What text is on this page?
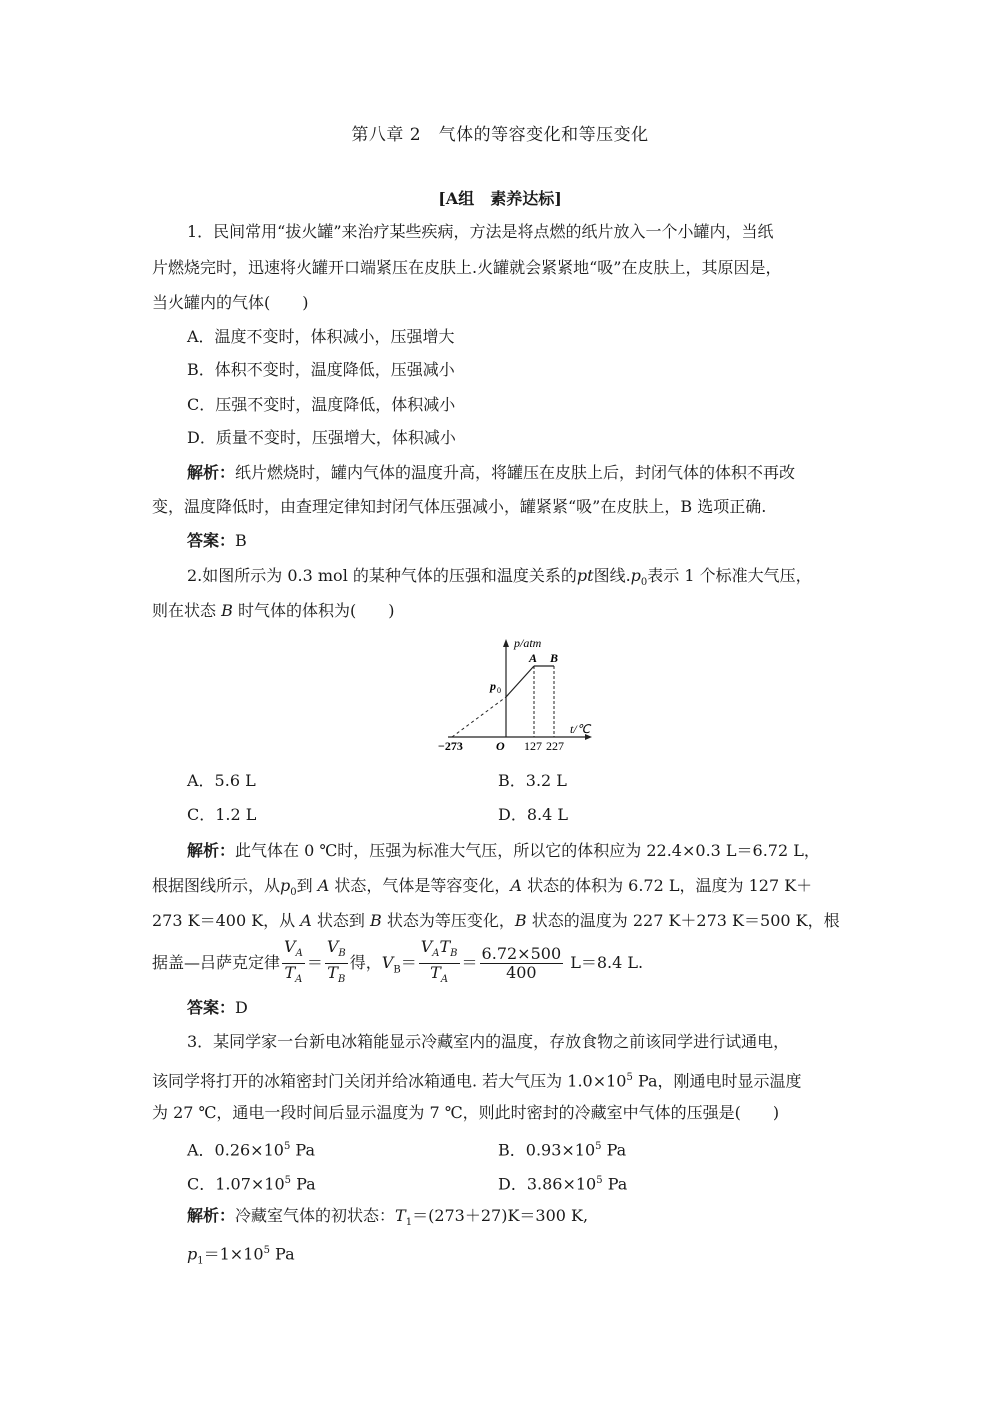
第八章 2　气体的等容变化和等压变化
[A组　素养达标]
1．民间常用“拔火罐”来治疗某些疾病，方法是将点燃的纸片放入一个小罐内，当纸
片燃烧完时，迅速将火罐开口端紧压在皮肤上.火罐就会紧紧地“吸”在皮肤上，其原因是，
当火罐内的气体(　　)
A．温度不变时，体积减小，压强增大
B．体积不变时，温度降低，压强减小
C．压强不变时，温度降低，体积减小
D．质量不变时，压强增大，体积减小
解析：纸片燃烧时，罐内气体的温度升高，将罐压在皮肤上后，封闭气体的体积不再改
变，温度降低时，由查理定律知封闭气体压强减小，罐紧紧“吸”在皮肤上，B 选项正确.
答案：B
2.如图所示为 0.3 mol 的某种气体的压强和温度关系的pt图线$.p_0$表示 1 个标准大气压，
则在状态 B 时气体的体积为(　　)
p/atm
t/℃
O
p 0
A B
−273	127 227
A．5.6 L	B．3.2 L
C．1.2 L	D．8.4 L
解析：此气体在 0 ℃时，压强为标准大气压，所以它的体积应为 22.4×0.3 L＝6.72 L，
根据图线所示，从$p_0$到 A 状态，气体是等容变化，A 状态的体积为 6.72 L，温度为 127 K＋
273 K＝400 K，从 A 状态到 B 状态为等压变化，B 状态的温度为 227 K＋273 K＝500 K，根
据盖—吕萨克定律 $\frac{V_A}{T_A} = \frac{V_B}{T_B}$ 得，$V_B= \frac{V_AT_B}{T_A} = \frac{6.72\times 500}{400} L=8.4$ L.
答案：D
3．某同学家一台新电冰箱能显示冷藏室内的温度，存放食物之前该同学进行试通电，
该同学将打开的冰箱密封门关闭并给冰箱通电. 若大气压为 $1.0\times 10^5$ Pa，刚通电时显示温度
为 27 ℃，通电一段时间后显示温度为 7 ℃，则此时密封的冷藏室中气体的压强是(　　)
A．$0.26\times 10^5$ Pa	B．$0.93\times 10^5$ Pa
C．$1.07\times 10^5$ Pa	D．$3.86\times 10^5$ Pa
解析：冷藏室气体的初状态：$T_1=(273+27)K=300$ K,
$p_1=1\times 10^5$ Pa
